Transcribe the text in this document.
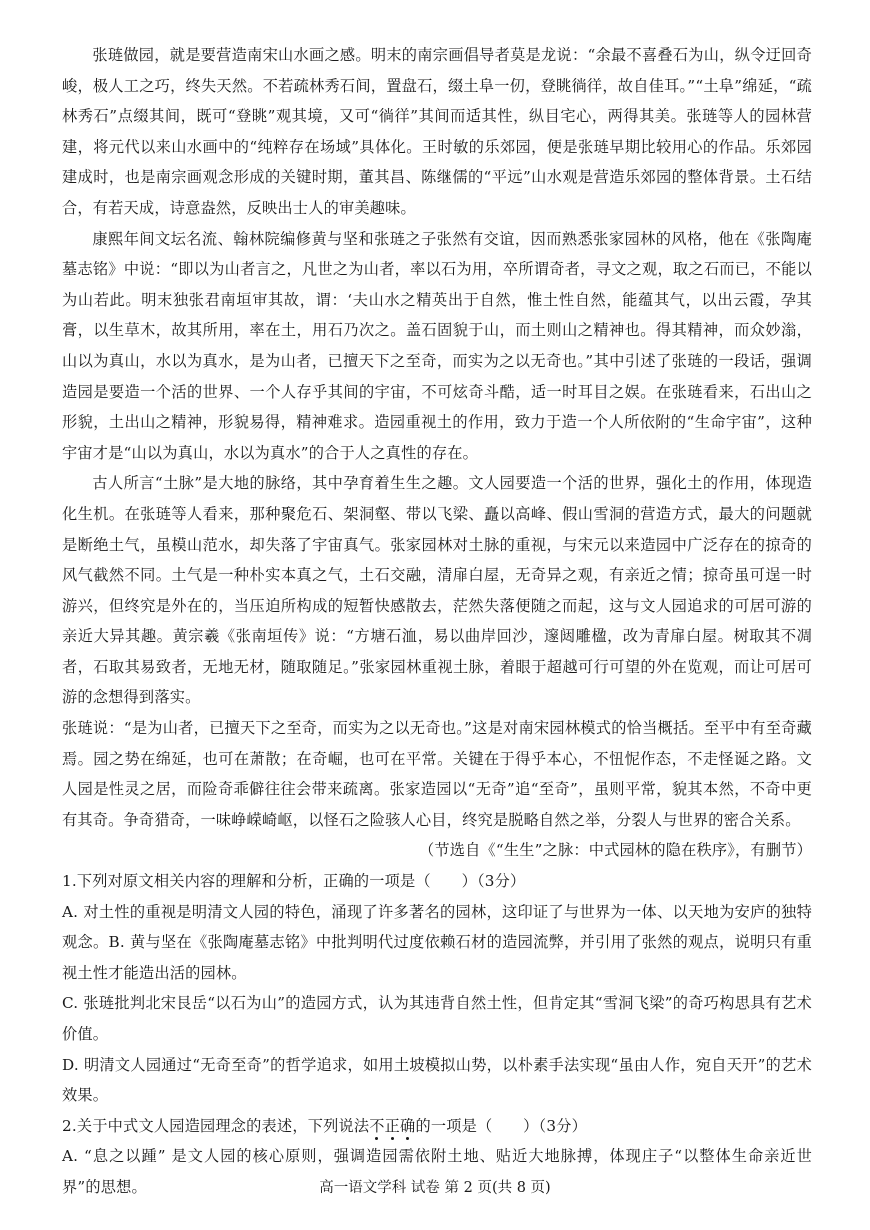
张琏做园，就是要营造南宋山水画之感。明末的南宗画倡导者莫是龙说：“余最不喜叠石为山，纵令迂回奇峻，极人工之巧，终失天然。不若疏林秀石间，置盘石，缀土阜一仞，登眺徜徉，故自佳耳。”“土阜”绵延，“疏林秀石”点缀其间，既可“登眺”观其境，又可“徜徉”其间而适其性，纵目宅心，两得其美。张琏等人的园林营建，将元代以来山水画中的“纯粹存在场域”具体化。王时敏的乐郊园，便是张琏早期比较用心的作品。乐郊园建成时，也是南宗画观念形成的关键时期，董其昌、陈继儒的“平远”山水观是营造乐郊园的整体背景。土石结合，有若天成，诗意盎然，反映出士人的审美趣味。

康熙年间文坛名流、翰林院编修黄与坚和张琏之子张然有交谊，因而熟悉张家园林的风格，他在《张陶庵墓志铭》中说：“即以为山者言之，凡世之为山者，率以石为用，卒所谓奇者，寻文之观，取之石而已，不能以为山若此。明末独张君南垣审其故，谓：‘夫山水之精英出于自然，惟土性自然，能蕴其气，以出云霞，孕其膏，以生草木，故其所用，率在土，用石乃次之。盖石固貌于山，而土则山之精神也。得其精神，而众妙滃，山以为真山，水以为真水，是为山者，已擅天下之至奇，而实为之以无奇也。”其中引述了张琏的一段话，强调造园是要造一个活的世界、一个人存乎其间的宇宙，不可炫奇斗酷，适一时耳目之娱。在张琏看来，石出山之形貌，土出山之精神，形貌易得，精神难求。造园重视土的作用，致力于造一个人所依附的“生命宇宙”，这种宇宙才是“山以为真山，水以为真水”的合于人之真性的存在。

古人所言“土脉”是大地的脉络，其中孕育着生生之趣。文人园要造一个活的世界，强化土的作用，体现造化生机。在张琏等人看来，那种聚危石、架洞壑、带以飞梁、矗以高峰、假山雪洞的营造方式，最大的问题就是断绝土气，虽模山范水，却失落了宇宙真气。张家园林对土脉的重视，与宋元以来造园中广泛存在的掠奇的风气截然不同。土气是一种朴实本真之气，土石交融，清扉白屋，无奇异之观，有亲近之情；掠奇虽可逞一时游兴，但终究是外在的，当压迫所构成的短暂快感散去，茫然失落便随之而起，这与文人园追求的可居可游的亲近大异其趣。黄宗羲《张南垣传》说：“方塘石洫，易以曲岸回沙，邃闼雕楹，改为青扉白屋。树取其不凋者，石取其易致者，无地无材，随取随足。”张家园林重视土脉，着眼于超越可行可望的外在览观，而让可居可游的念想得到落实。

张琏说：“是为山者，已擅天下之至奇，而实为之以无奇也。”这是对南宋园林模式的恰当概括。至平中有至奇藏焉。园之势在绵延，也可在萧散；在奇崛，也可在平常。关键在于得乎本心，不忸怩作态，不走怪诞之路。文人园是性灵之居，而险奇乖僻往往会带来疏离。张家造园以“无奇”追“至奇”，虽则平常，貌其本然，不奇中更有其奇。争奇猎奇，一味峥嵘崎岖，以怪石之险骇人心目，终究是脱略自然之举，分裂人与世界的密合关系。

（节选自《“生生”之脉：中式园林的隐在秩序》，有删节）

1.下列对原文相关内容的理解和分析，正确的一项是（　　）（3分）

A. 对土性的重视是明清文人园的特色，涌现了许多著名的园林，这印证了与世界为一体、以天地为安庐的独特观念。B. 黄与坚在《张陶庵墓志铭》中批判明代过度依赖石材的造园流弊，并引用了张然的观点，说明只有重视土性才能造出活的园林。

C. 张琏批判北宋艮岳“以石为山”的造园方式，认为其违背自然土性，但肯定其“雪洞飞梁”的奇巧构思具有艺术价值。

D. 明清文人园通过“无奇至奇”的哲学追求，如用土坡模拟山势，以朴素手法实现“虽由人作，宛自天开”的艺术效果。

2.关于中式文人园造园理念的表述，下列说法不正确的一项是（　　）（3分）

A. “息之以踵” 是文人园的核心原则，强调造园需依附土地、贴近大地脉搏，体现庄子“以整体生命亲近世界”的思想。	高一语文学科 试卷 第 2 页(共 8 页)
